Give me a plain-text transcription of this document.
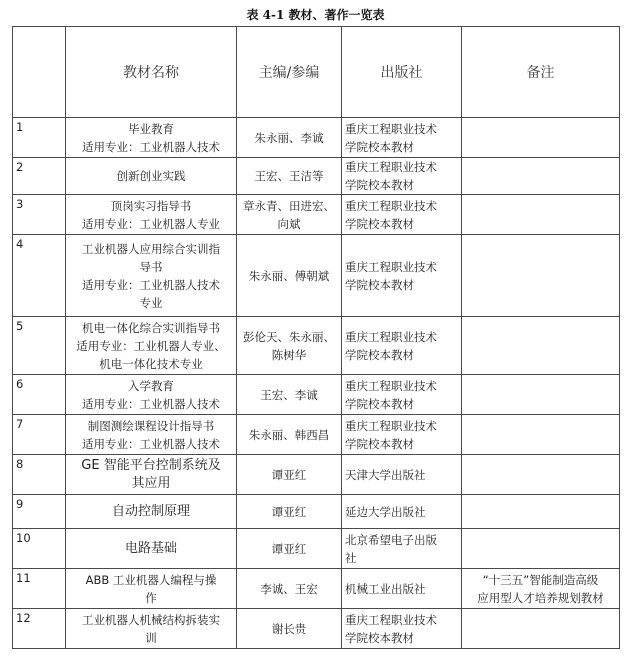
表 4-1 教材、著作一览表
	教材名称	主编/参编	出版社	备注
1	毕业教育
适用专业：工业机器人技术	朱永丽、李诚	重庆工程职业技术
学院校本教材	

2	创新创业实践	王宏、王洁等	重庆工程职业技术
学院校本教材	

3	顶岗实习指导书
适用专业：工业机器人专业	章永青、田进宏、
向斌	重庆工程职业技术
学院校本教材	

4	工业机器人应用综合实训指
导书
适用专业：工业机器人技术
专业	朱永丽、傅朝斌	重庆工程职业技术
学院校本教材	

5	机电一体化综合实训指导书
适用专业：工业机器人专业、
机电一体化技术专业	彭伦天、朱永丽、
陈树华	重庆工程职业技术
学院校本教材	

6	入学教育
适用专业：工业机器人技术	王宏、李诚	重庆工程职业技术
学院校本教材	

7	制图测绘课程设计指导书
适用专业：工业机器人技术	朱永丽、韩西昌	重庆工程职业技术
学院校本教材	

8	GE 智能平台控制系统及
其应用	谭亚红	天津大学出版社	

9	自动控制原理	谭亚红	延边大学出版社	

10	电路基础	谭亚红	北京希望电子出版
社	

11	ABB 工业机器人编程与操
作	李诚、王宏	机械工业出版社	“十三五”智能制造高级
应用型人才培养规划教材

12	工业机器人机械结构拆装实
训	谢长贵	重庆工程职业技术
学院校本教材	
